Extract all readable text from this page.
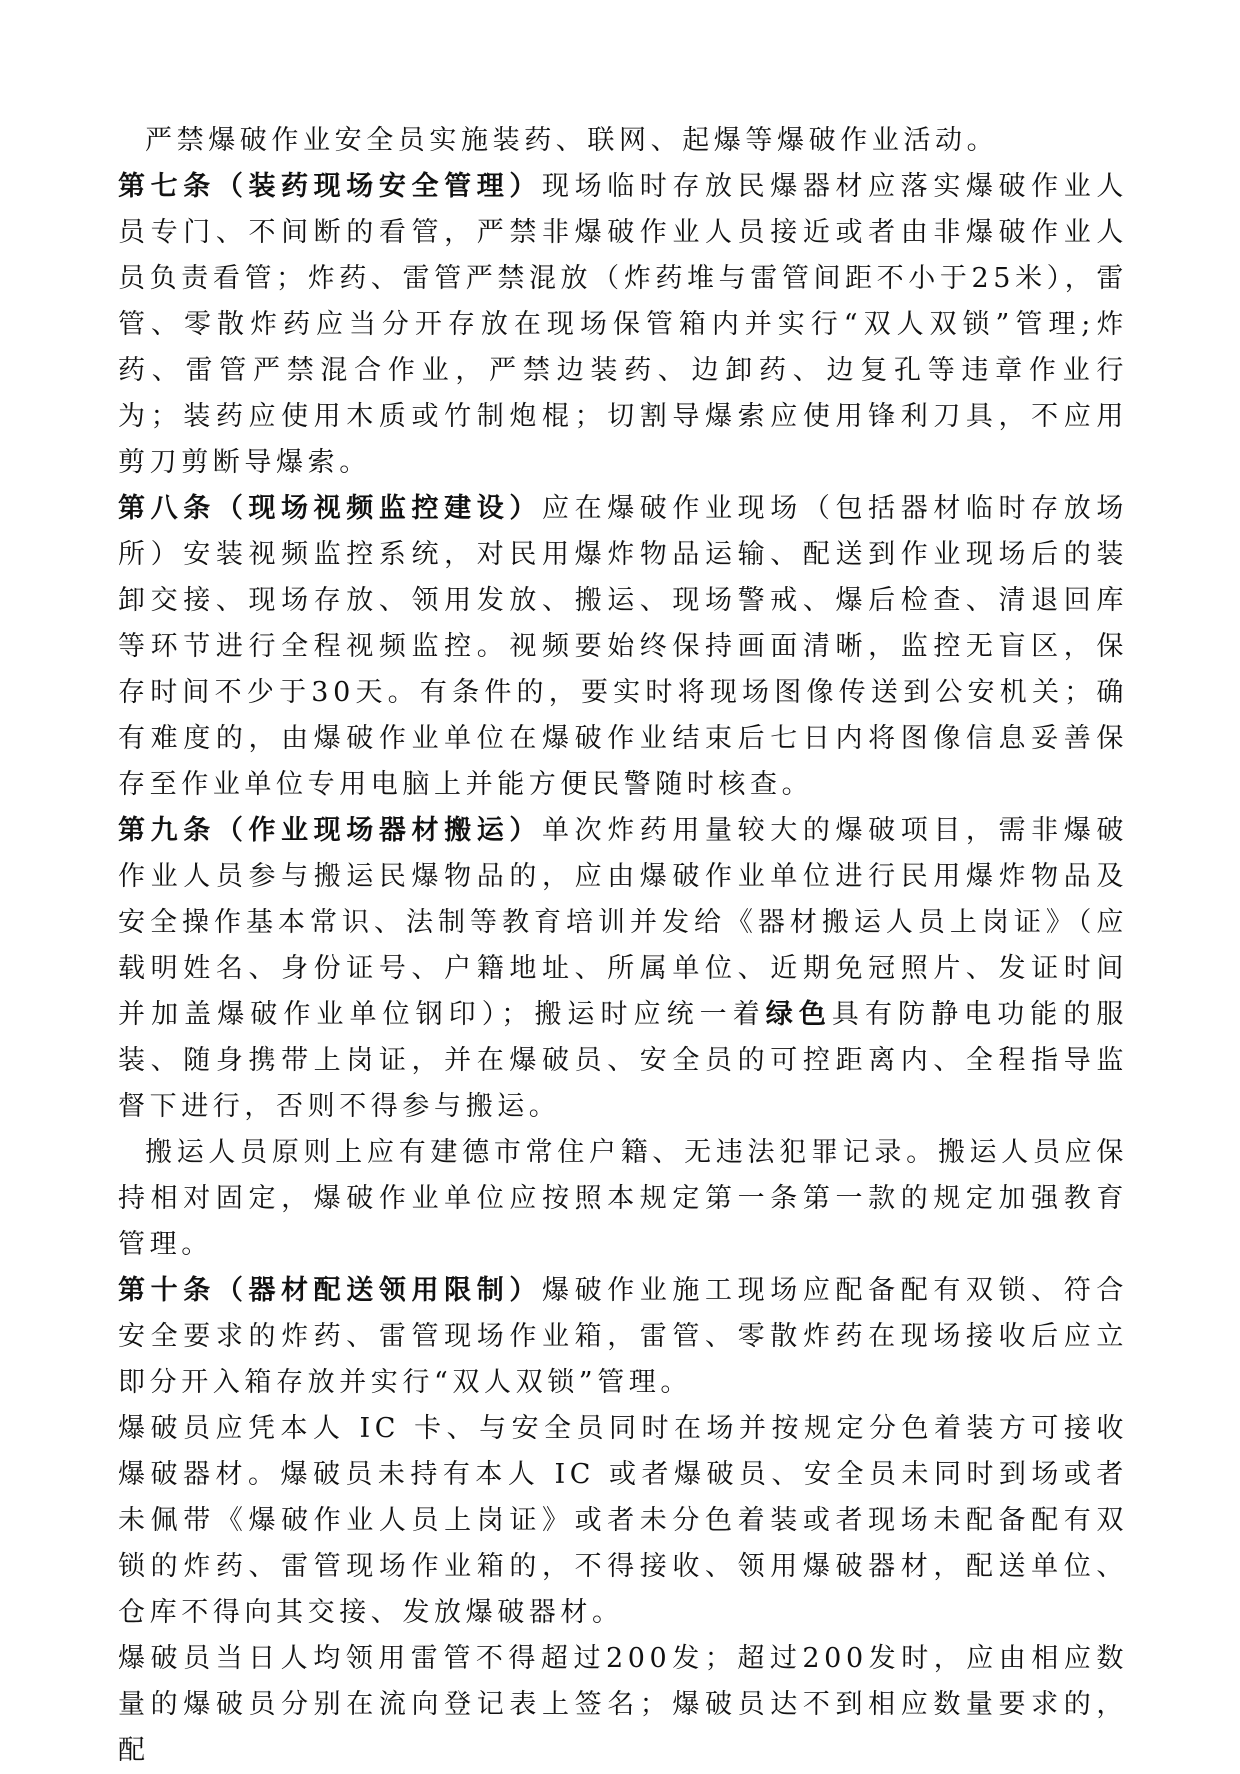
严禁爆破作业安全员实施装药、联网、起爆等爆破作业活动。

第七条（装药现场安全管理）现场临时存放民爆器材应落实爆破作业人员专门、不间断的看管，严禁非爆破作业人员接近或者由非爆破作业人员负责看管；炸药、雷管严禁混放（炸药堆与雷管间距不小于25米），雷管、零散炸药应当分开存放在现场保管箱内并实行“双人双锁”管理;炸药、雷管严禁混合作业，严禁边装药、边卸药、边复孔等违章作业行为；装药应使用木质或竹制炮棍；切割导爆索应使用锋利刀具，不应用剪刀剪断导爆索。

第八条（现场视频监控建设）应在爆破作业现场（包括器材临时存放场所）安装视频监控系统，对民用爆炸物品运输、配送到作业现场后的装卸交接、现场存放、领用发放、搬运、现场警戒、爆后检查、清退回库等环节进行全程视频监控。视频要始终保持画面清晰，监控无盲区，保存时间不少于30天。有条件的，要实时将现场图像传送到公安机关；确有难度的，由爆破作业单位在爆破作业结束后七日内将图像信息妥善保存至作业单位专用电脑上并能方便民警随时核查。

第九条（作业现场器材搬运）单次炸药用量较大的爆破项目，需非爆破作业人员参与搬运民爆物品的，应由爆破作业单位进行民用爆炸物品及安全操作基本常识、法制等教育培训并发给《器材搬运人员上岗证》（应载明姓名、身份证号、户籍地址、所属单位、近期免冠照片、发证时间并加盖爆破作业单位钢印）；搬运时应统一着绿色具有防静电功能的服装、随身携带上岗证，并在爆破员、安全员的可控距离内、全程指导监督下进行，否则不得参与搬运。

搬运人员原则上应有建德市常住户籍、无违法犯罪记录。搬运人员应保持相对固定，爆破作业单位应按照本规定第一条第一款的规定加强教育管理。

第十条（器材配送领用限制）爆破作业施工现场应配备配有双锁、符合安全要求的炸药、雷管现场作业箱，雷管、零散炸药在现场接收后应立即分开入箱存放并实行“双人双锁”管理。

爆破员应凭本人 IC 卡、与安全员同时在场并按规定分色着装方可接收爆破器材。爆破员未持有本人 IC 或者爆破员、安全员未同时到场或者未佩带《爆破作业人员上岗证》或者未分色着装或者现场未配备配有双锁的炸药、雷管现场作业箱的，不得接收、领用爆破器材，配送单位、仓库不得向其交接、发放爆破器材。

爆破员当日人均领用雷管不得超过200发；超过200发时，应由相应数量的爆破员分别在流向登记表上签名；爆破员达不到相应数量要求的，配
